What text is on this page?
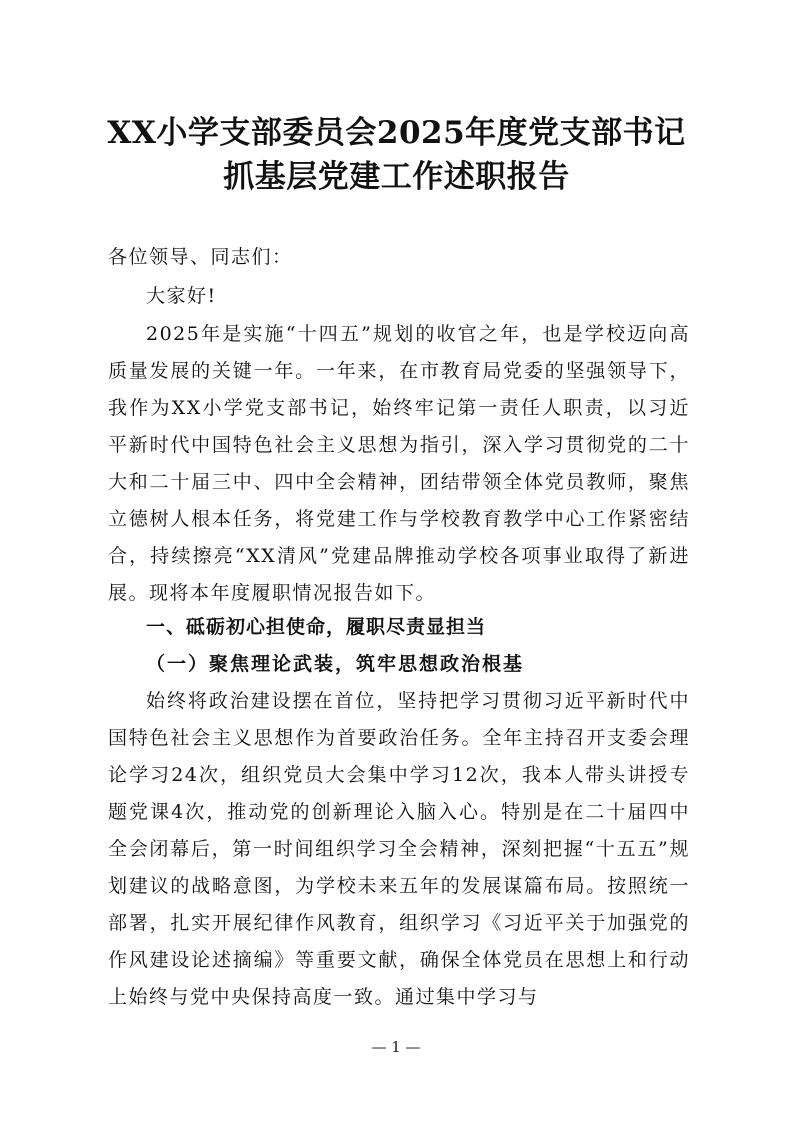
XX小学支部委员会2025年度党支部书记
抓基层党建工作述职报告
各位领导、同志们：
大家好!
2025年是实施“十四五”规划的收官之年，也是学校迈向高质量发展的关键一年。一年来，在市教育局党委的坚强领导下，我作为XX小学党支部书记，始终牢记第一责任人职责，以习近平新时代中国特色社会主义思想为指引，深入学习贯彻党的二十大和二十届三中、四中全会精神，团结带领全体党员教师，聚焦立德树人根本任务，将党建工作与学校教育教学中心工作紧密结合，持续擦亮“XX清风”党建品牌推动学校各项事业取得了新进展。现将本年度履职情况报告如下。
一、砥砺初心担使命，履职尽责显担当
（一）聚焦理论武装，筑牢思想政治根基
始终将政治建设摆在首位，坚持把学习贯彻习近平新时代中国特色社会主义思想作为首要政治任务。全年主持召开支委会理论学习24次，组织党员大会集中学习12次，我本人带头讲授专题党课4次，推动党的创新理论入脑入心。特别是在二十届四中全会闭幕后，第一时间组织学习全会精神，深刻把握“十五五”规划建议的战略意图，为学校未来五年的发展谋篇布局。按照统一部署，扎实开展纪律作风教育，组织学习《习近平关于加强党的作风建设论述摘编》等重要文献，确保全体党员在思想上和行动上始终与党中央保持高度一致。通过集中学习与
— 1 —
